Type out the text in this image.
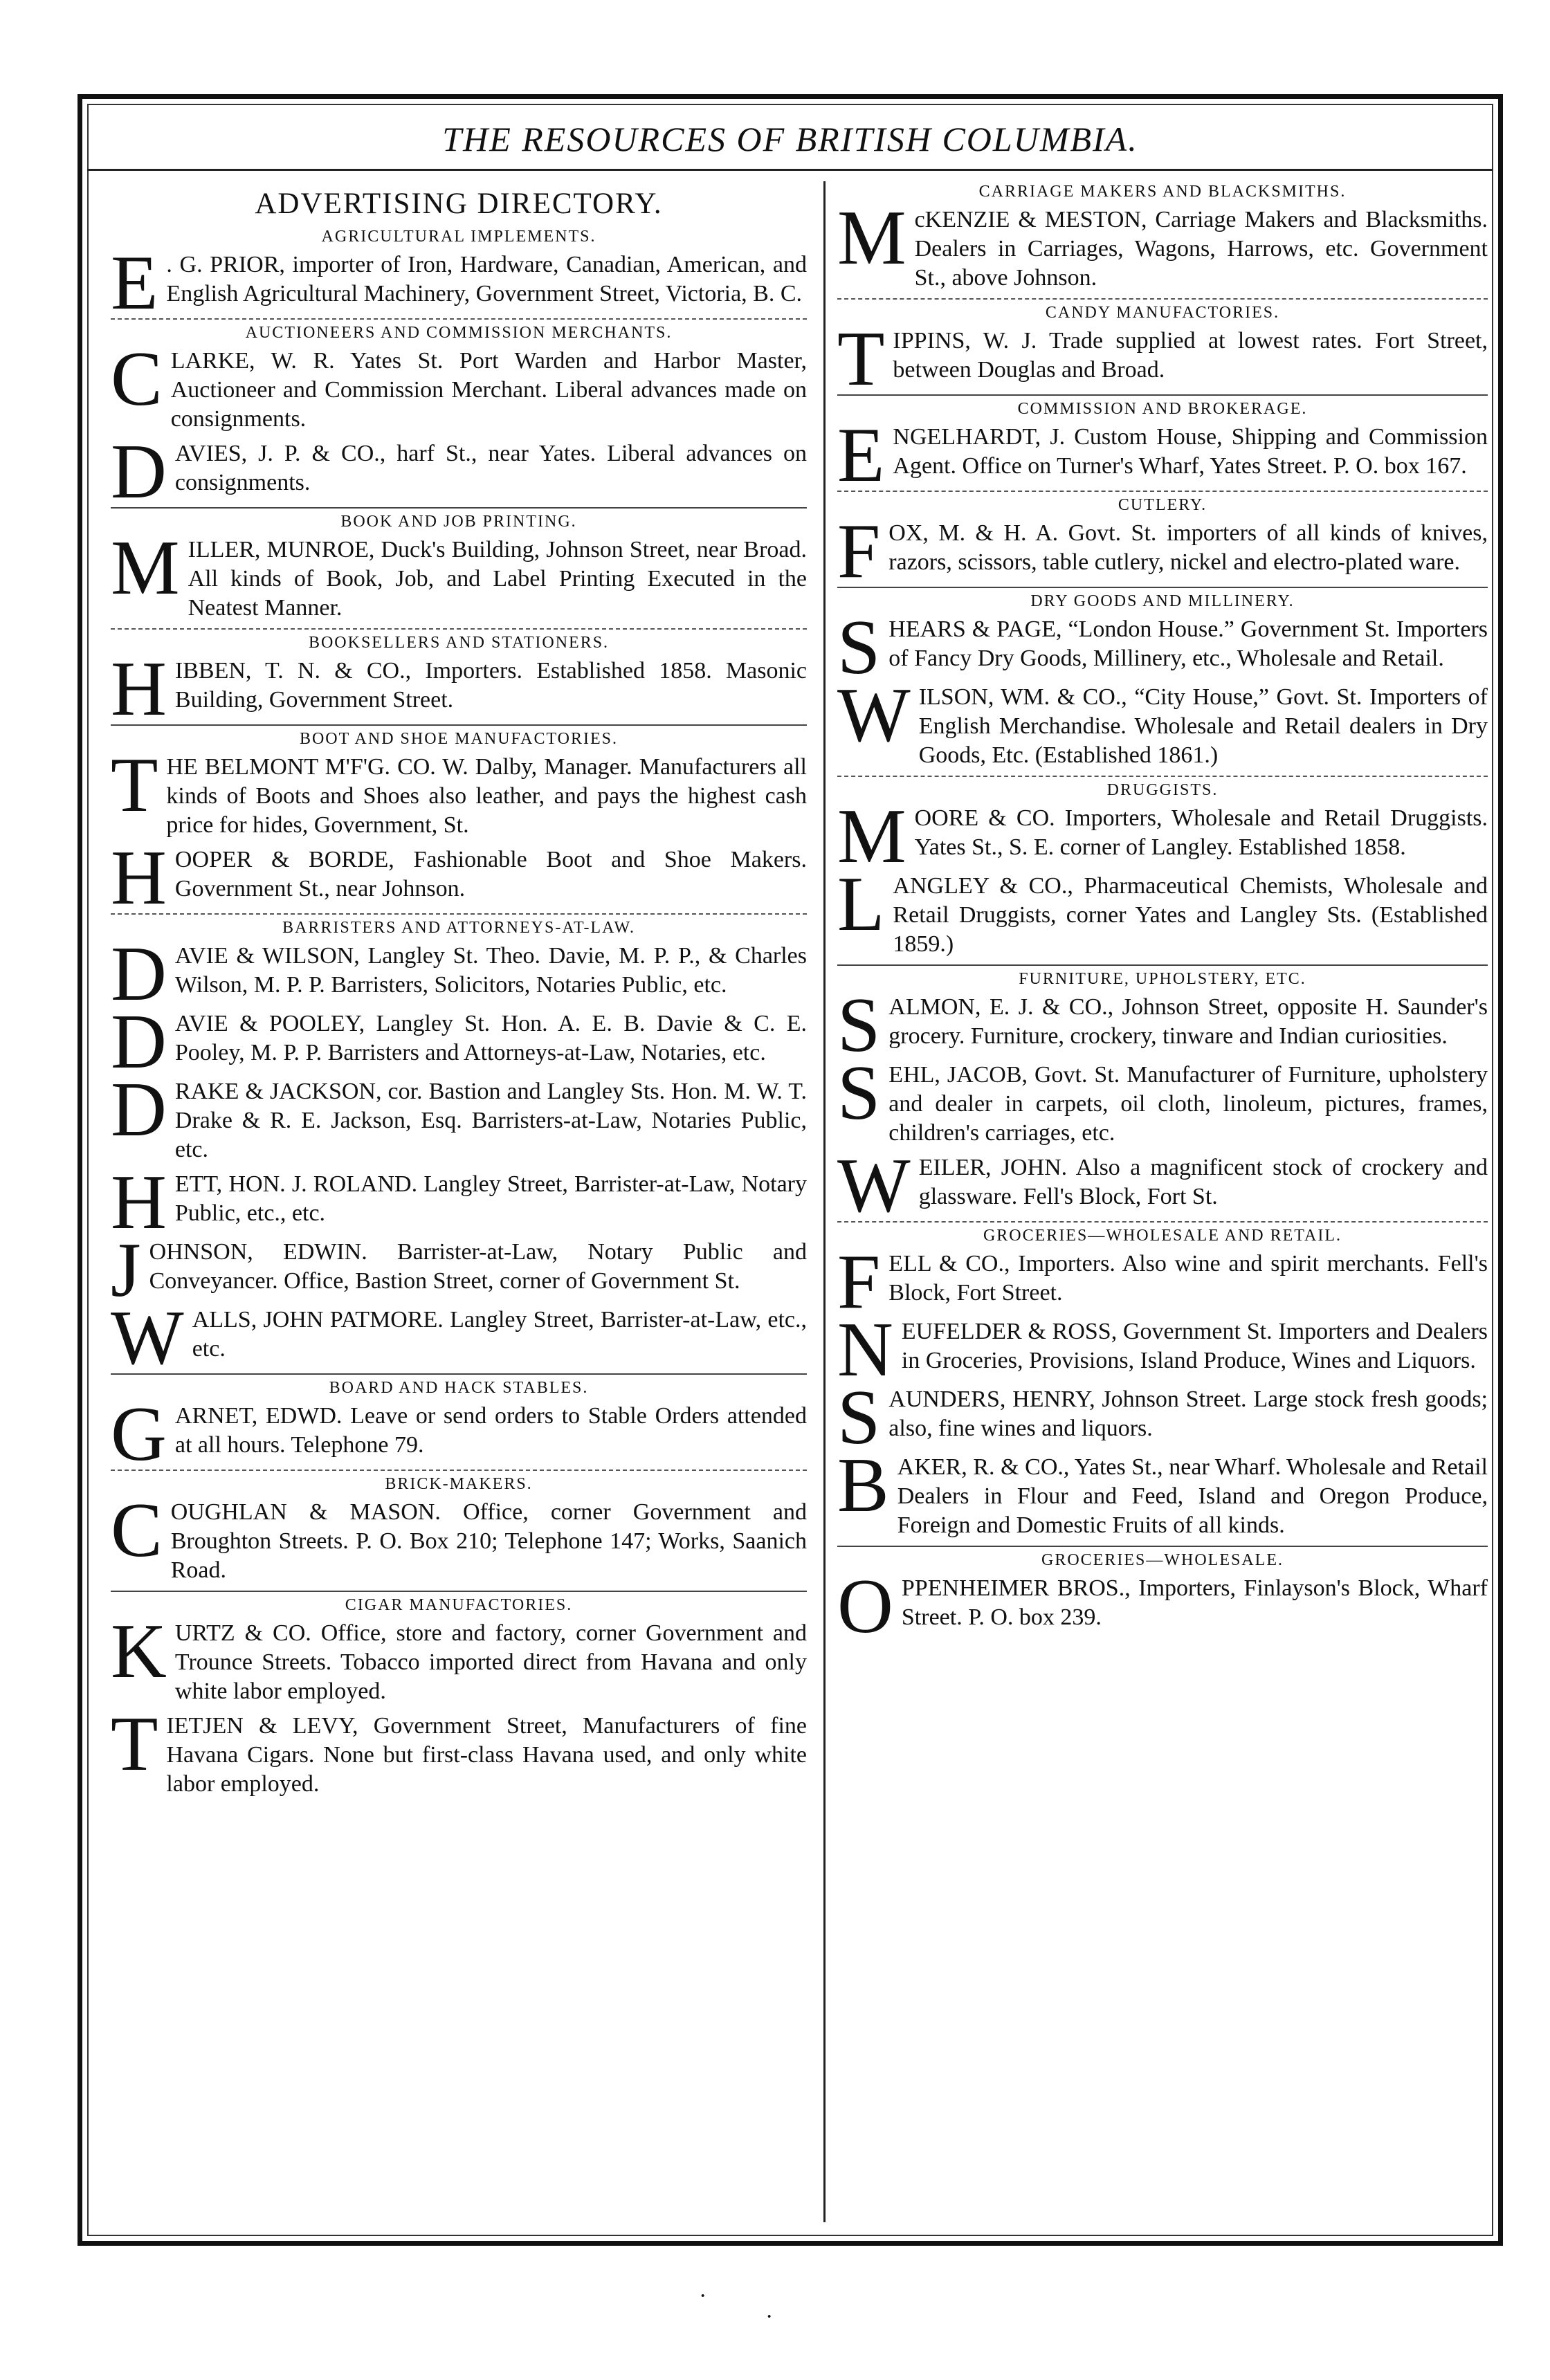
THE RESOURCES OF BRITISH COLUMBIA.
ADVERTISING DIRECTORY.
AGRICULTURAL IMPLEMENTS.
E . G. PRIOR, importer of Iron, Hardware, Canadian, American, and English Agricultural Machinery, Government Street, Victoria, B. C.
AUCTIONEERS AND COMMISSION MERCHANTS.
CLARKE, W. R. Yates St. Port Warden and Harbor Master, Auctioneer and Commission Merchant. Liberal advances made on consignments.
DAVIES, J. P. & CO., harf St., near Yates. Liberal advances on consignments.
BOOK AND JOB PRINTING.
MILLER, MUNROE, Duck's Building, Johnson Street, near Broad. All kinds of Book, Job, and Label Printing Executed in the Neatest Manner.
BOOKSELLERS AND STATIONERS.
HIBBEN, T. N. & CO., Importers. Established 1858. Masonic Building, Government Street.
BOOT AND SHOE MANUFACTORIES.
THE BELMONT M'F'G. CO. W. Dalby, Manager. Manufacturers all kinds of Boots and Shoes also leather, and pays the highest cash price for hides, Government, St.
HOOPER & BORDE, Fashionable Boot and Shoe Makers. Government St., near Johnson.
BARRISTERS AND ATTORNEYS-AT-LAW.
DAVIE & WILSON, Langley St. Theo. Davie, M. P. P., & Charles Wilson, M. P. P. Barristers, Solicitors, Notaries Public, etc.
DAVIE & POOLEY, Langley St. Hon. A. E. B. Davie & C. E. Pooley, M. P. P. Barristers and Attorneys-at-Law, Notaries, etc.
DRAKE & JACKSON, cor. Bastion and Langley Sts. Hon. M. W. T. Drake & R. E. Jackson, Esq. Barristers-at-Law, Notaries Public, etc.
HETT, HON. J. ROLAND. Langley Street, Barrister-at-Law, Notary Public, etc., etc.
JOHNSON, EDWIN. Barrister-at-Law, Notary Public and Conveyancer. Office, Bastion Street, corner of Government St.
WALLS, JOHN PATMORE. Langley Street, Barrister-at-Law, etc., etc.
BOARD AND HACK STABLES.
GARNET, EDWD. Leave or send orders to Stable Orders attended at all hours. Telephone 79.
BRICK-MAKERS.
COUGHLAN & MASON. Office, corner Government and Broughton Streets. P. O. Box 210; Telephone 147; Works, Saanich Road.
CIGAR MANUFACTORIES.
KURTZ & CO. Office, store and factory, corner Government and Trounce Streets. Tobacco imported direct from Havana and only white labor employed.
TIETJEN & LEVY, Government Street, Manufacturers of fine Havana Cigars. None but first-class Havana used, and only white labor employed.
CARRIAGE MAKERS AND BLACKSMITHS.
McKENZIE & MESTON, Carriage Makers and Blacksmiths. Dealers in Carriages, Wagons, Harrows, etc. Government St., above Johnson.
CANDY MANUFACTORIES.
TIPPINS, W. J. Trade supplied at lowest rates. Fort Street, between Douglas and Broad.
COMMISSION AND BROKERAGE.
ENGELHARDT, J. Custom House, Shipping and Commission Agent. Office on Turner's Wharf, Yates Street. P. O. box 167.
CUTLERY.
FOX, M. & H. A. Govt. St. importers of all kinds of knives, razors, scissors, table cutlery, nickel and electro-plated ware.
DRY GOODS AND MILLINERY.
SHEARS & PAGE, “London House.” Government St. Importers of Fancy Dry Goods, Millinery, etc., Wholesale and Retail.
WILSON, WM. & CO., “City House,” Govt. St. Importers of English Merchandise. Wholesale and Retail dealers in Dry Goods, Etc. (Established 1861.)
DRUGGISTS.
MOORE & CO. Importers, Wholesale and Retail Druggists. Yates St., S. E. corner of Langley. Established 1858.
LANGLEY & CO., Pharmaceutical Chemists, Wholesale and Retail Druggists, corner Yates and Langley Sts. (Established 1859.)
FURNITURE, UPHOLSTERY, ETC.
SALMON, E. J. & CO., Johnson Street, opposite H. Saunder's grocery. Furniture, crockery, tinware and Indian curiosities.
SEHL, JACOB, Govt. St. Manufacturer of Furniture, upholstery and dealer in carpets, oil cloth, linoleum, pictures, frames, children's carriages, etc.
WEILER, JOHN. Also a magnificent stock of crockery and glassware. Fell's Block, Fort St.
GROCERIES—WHOLESALE AND RETAIL.
FELL & CO., Importers. Also wine and spirit merchants. Fell's Block, Fort Street.
NEUFELDER & ROSS, Government St. Importers and Dealers in Groceries, Provisions, Island Produce, Wines and Liquors.
SAUNDERS, HENRY, Johnson Street. Large stock fresh goods; also, fine wines and liquors.
BAKER, R. & CO., Yates St., near Wharf. Wholesale and Retail Dealers in Flour and Feed, Island and Oregon Produce, Foreign and Domestic Fruits of all kinds.
GROCERIES—WHOLESALE.
OPPENHEIMER BROS., Importers, Finlayson's Block, Wharf Street. P. O. box 239.
·
·
